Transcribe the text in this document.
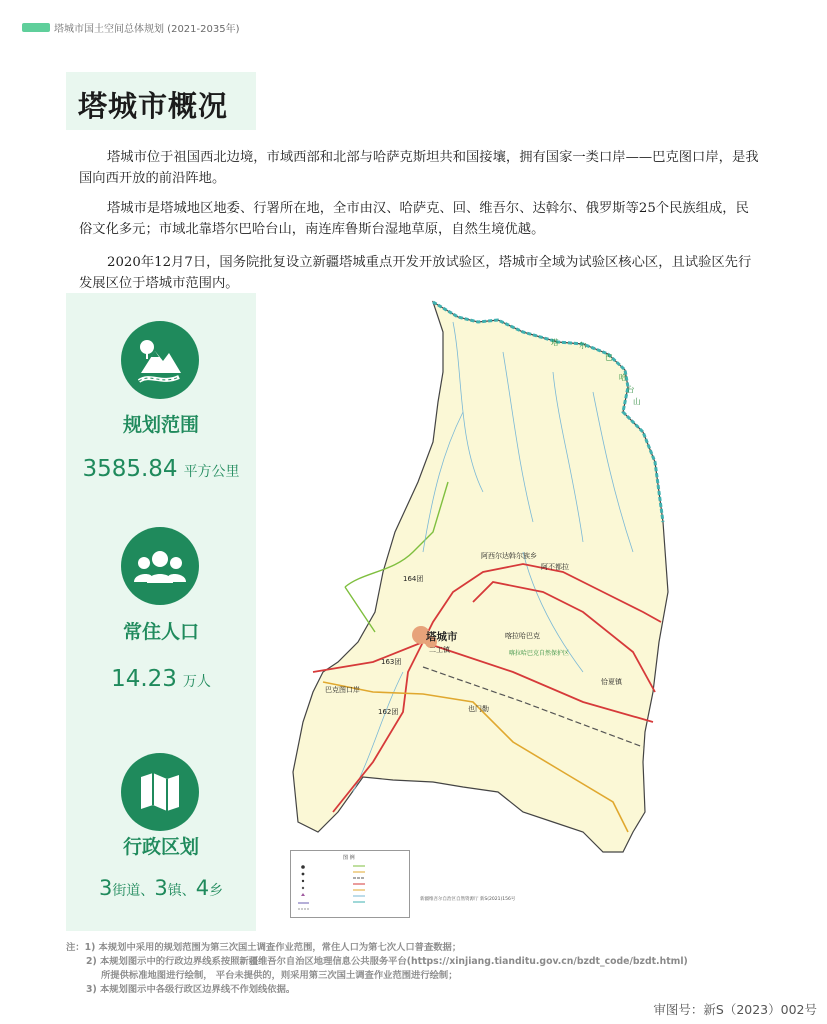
塔城市国土空间总体规划 (2021-2035年)
塔城市概况

塔城市位于祖国西北边境，市域西部和北部与哈萨克斯坦共和国接壤，拥有国家一类口岸——巴克图口岸，是我国向西开放的前沿阵地。

塔城市是塔城地区地委、行署所在地，全市由汉、哈萨克、回、维吾尔、达斡尔、俄罗斯等25个民族组成，民俗文化多元；市域北靠塔尔巴哈台山，南连库鲁斯台湿地草原，自然生境优越。

2020年12月7日，国务院批复设立新疆塔城重点开发开放试验区，塔城市全域为试验区核心区，且试验区先行发展区位于塔城市范围内。

规划范围
3585.84 平方公里
常住人口
14.23 万人
行政区划
3街道、3镇、4乡
塔城市
二工镇
喀拉哈巴克
阿西尔达斡尔族乡
阿不都拉
164团
163团
162团	也门勒
恰夏镇
巴克图口岸
喀拉哈巴克自然保护区
塔	尔
巴
哈
台
山
图 例
新疆维吾尔自治区自然资源厅 新S(2021)156号
注：1) 本规划中采用的规划范围为第三次国土调查作业范围，常住人口为第七次人口普查数据；
2) 本规划图示中的行政边界线系按照新疆维吾尔自治区地理信息公共服务平台(https://xinjiang.tianditu.gov.cn/bzdt_code/bzdt.html)
所提供标准地图进行绘制， 平台未提供的，则采用第三次国土调查作业范围进行绘制；
3) 本规划图示中各级行政区边界线不作划线依据。
审图号：新S（2023）002号
